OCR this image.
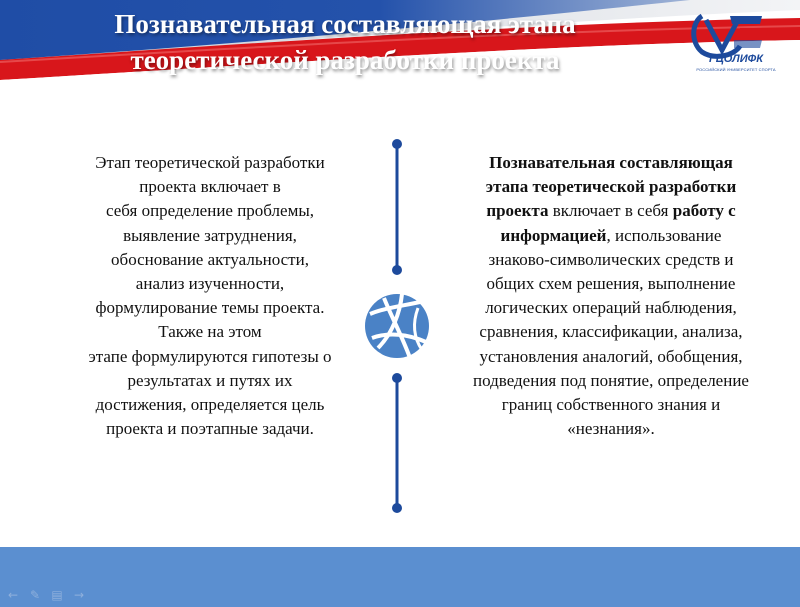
Познавательная составляющая этапа
теоретической разработки проекта	ГЦОЛИФК
РОССИЙСКИЙ УНИВЕРСИТЕТ СПОРТА
Этап теоретической разработки
проекта включает в
себя определение проблемы,
выявление затруднения,
обоснование актуальности,
анализ изученности,
формулирование темы проекта.
Также на этом
этапе формулируются гипотезы о
результатах и путях их
достижения, определяется цель
проекта и поэтапные задачи.
Познавательная составляющая
этапа теоретической разработки
проекта включает в себя работу с
информацией, использование
знаково-символических средств и
общих схем решения, выполнение
логических операций наблюдения,
сравнения, классификации, анализа,
установления аналогий, обобщения,
подведения под понятие, определение
границ собственного знания и
«незнания».
← ✎ ▤ →
